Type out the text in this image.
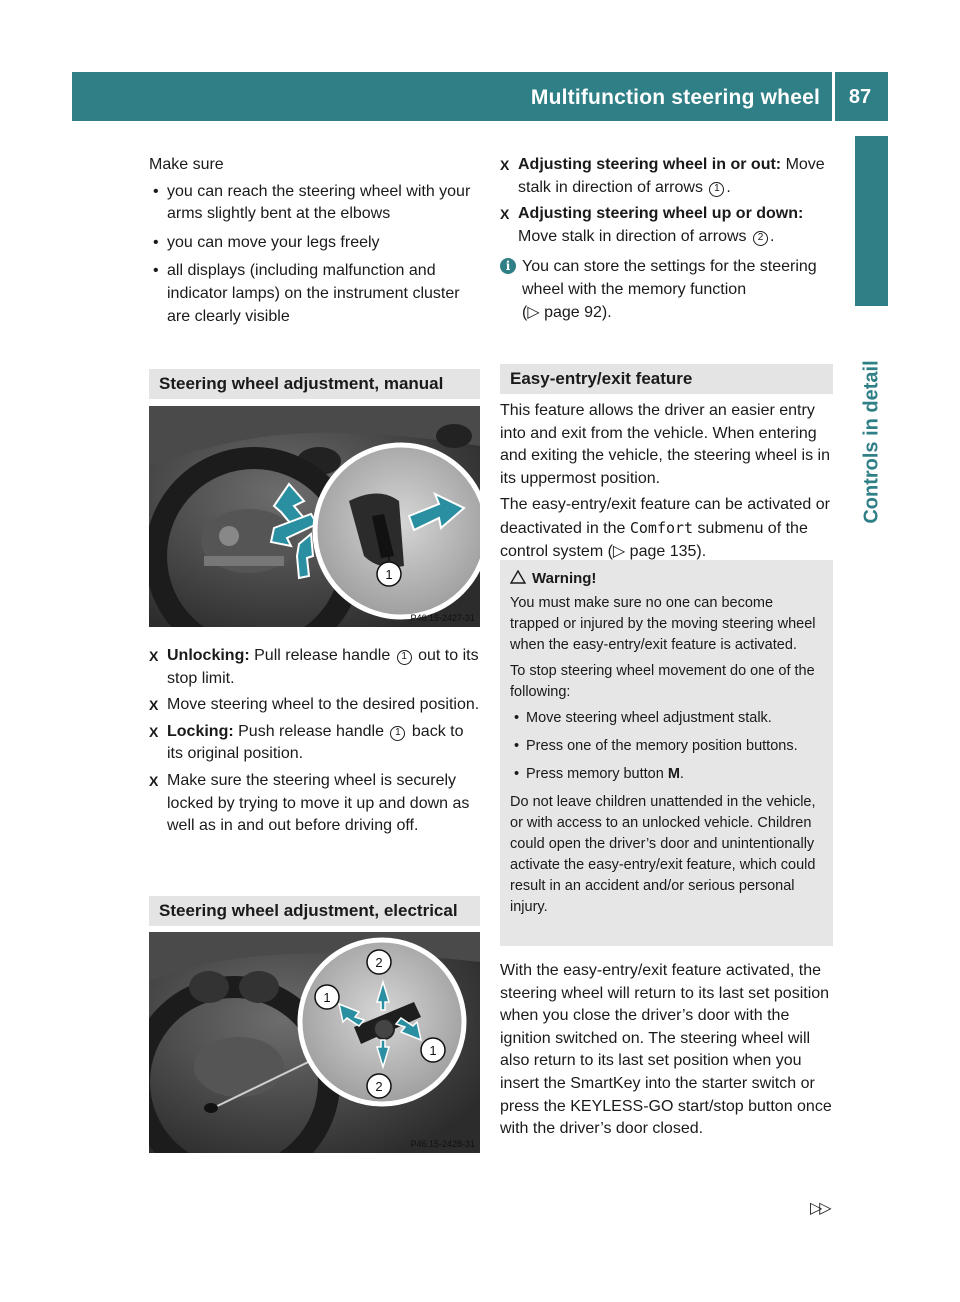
Multifunction steering wheel	87
Controls in detail

Make sure

• you can reach the steering wheel with your arms slightly bent at the elbows
• you can move your legs freely
• all displays (including malfunction and indicator lamps) on the instrument cluster are clearly visible
Steering wheel adjustment, manual
1
P46.15-2427-31
X Unlocking: Pull release handle 1 out to its stop limit.
X Move steering wheel to the desired position.
X Locking: Push release handle 1 back to its original position.
X Make sure the steering wheel is securely locked by trying to move it up and down as well as in and out before driving off.
Steering wheel adjustment, electrical
2
1
1
2
P46.15-2428-31
X Adjusting steering wheel in or out: Move stalk in direction of arrows 1 .
X Adjusting steering wheel up or down: Move stalk in direction of arrows 2 .
i You can store the settings for the steering wheel with the memory function
(▷ page 92).
Easy-entry/exit feature

This feature allows the driver an easier entry into and exit from the vehicle. When entering and exiting the vehicle, the steering wheel is in its uppermost position.

The easy-entry/exit feature can be activated or deactivated in the Comfort submenu of the control system (▷ page 135).

Warning!

You must make sure no one can become trapped or injured by the moving steering wheel when the easy-entry/exit feature is activated.

To stop steering wheel movement do one of the following:

• Move steering wheel adjustment stalk.
• Press one of the memory position buttons.
• Press memory button M.

Do not leave children unattended in the vehicle, or with access to an unlocked vehicle. Children could open the driver’s door and unintentionally activate the easy-entry/exit feature, which could result in an accident and/or serious personal injury.

With the easy-entry/exit feature activated, the steering wheel will return to its last set position when you close the driver’s door with the ignition switched on. The steering wheel will also return to its last set position when you insert the SmartKey into the starter switch or press the KEYLESS-GO start/stop button once with the driver’s door closed.

▷▷
